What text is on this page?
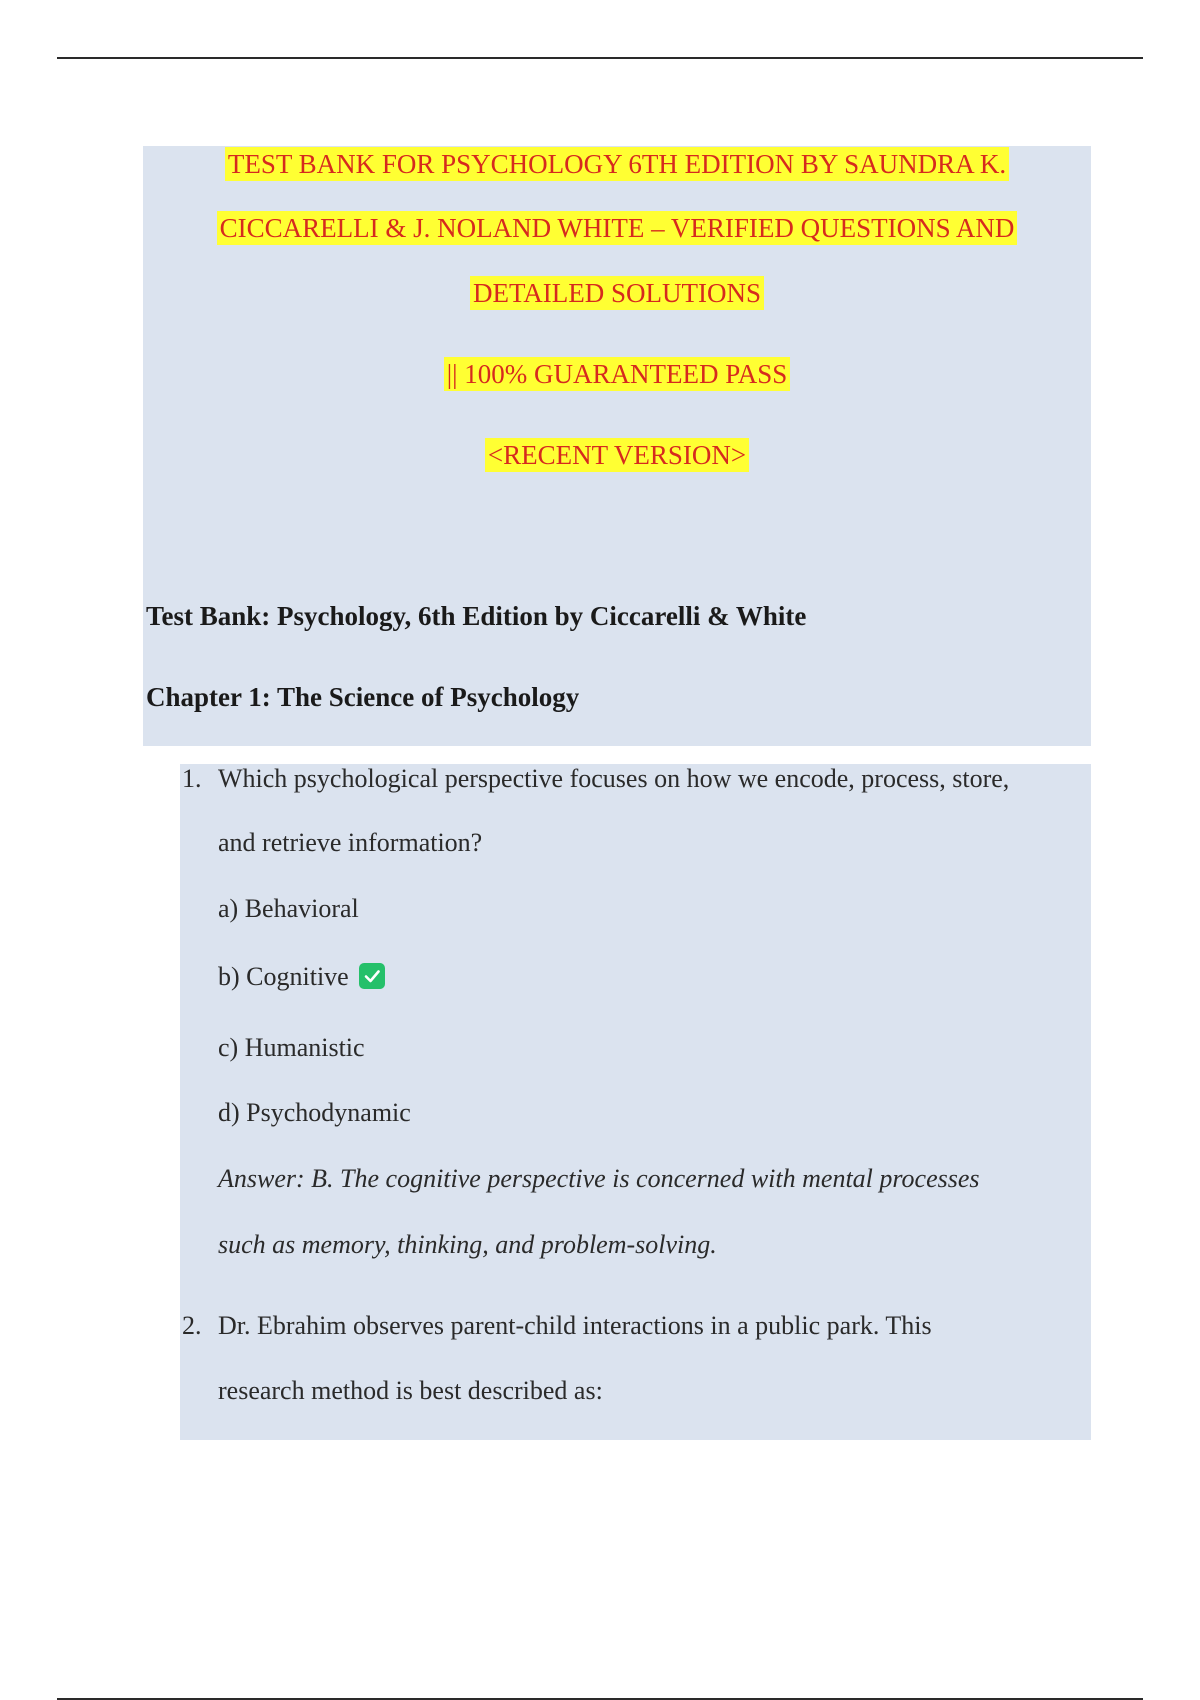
TEST BANK FOR PSYCHOLOGY 6TH EDITION BY SAUNDRA K.
CICCARELLI & J. NOLAND WHITE – VERIFIED QUESTIONS AND
DETAILED SOLUTIONS
|| 100% GUARANTEED PASS
<RECENT VERSION>
Test Bank: Psychology, 6th Edition by Ciccarelli & White
Chapter 1: The Science of Psychology
1. Which psychological perspective focuses on how we encode, process, store,
and retrieve information?
a) Behavioral
b) Cognitive
c) Humanistic
d) Psychodynamic
Answer: B. The cognitive perspective is concerned with mental processes
such as memory, thinking, and problem-solving.
2. Dr. Ebrahim observes parent-child interactions in a public park. This
research method is best described as:
